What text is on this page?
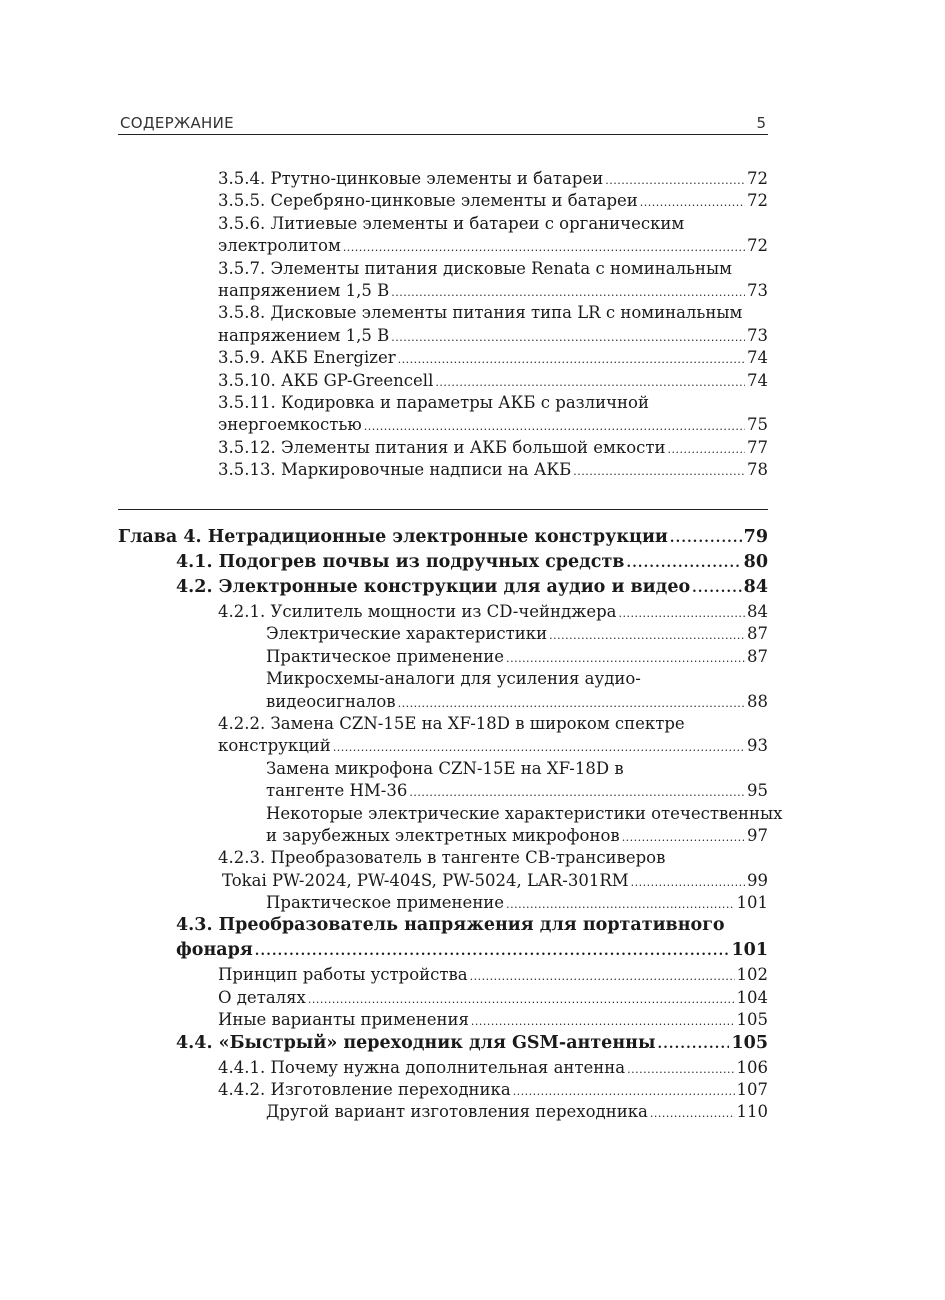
СОДЕРЖАНИЕ	5
3.5.4. Ртутно-цинковые элементы и батареи .....	72
3.5.5. Серебряно-цинковые элементы и батареи .....	72
3.5.6. Литиевые элементы и батареи с органическим
электролитом .....	72
3.5.7. Элементы питания дисковые Renata с номинальным
напряжением 1,5 В .....	73
3.5.8. Дисковые элементы питания типа LR с номинальным
напряжением 1,5 В .....	73
3.5.9. АКБ Energizer .....	74
3.5.10. АКБ GP-Greencell .....	74
3.5.11. Кодировка и параметры АКБ с различной
энергоемкостью .....	75
3.5.12. Элементы питания и АКБ большой емкости .....	77
3.5.13. Маркировочные надписи на АКБ .....	78
Глава 4. Нетрадиционные электронные конструкции .....	79
4.1. Подогрев почвы из подручных средств .....	80
4.2. Электронные конструкции для аудио и видео .....	84
4.2.1. Усилитель мощности из CD-чейнджера .....	84
Электрические характеристики .....	87
Практическое применение .....	87
Микросхемы-аналоги для усиления аудио-
видеосигналов .....	88
4.2.2. Замена CZN-15E на XF-18D в широком спектре
конструкций .....	93
Замена микрофона CZN-15E на XF-18D в
тангенте HM-36 .....	95
Некоторые электрические характеристики отечественных
и зарубежных электретных микрофонов .....	97
4.2.3. Преобразователь в тангенте CB-трансиверов
Tokai PW-2024, PW-404S, PW-5024, LAR-301RM .....	99
Практическое применение .....	101
4.3. Преобразователь напряжения для портативного
фонаря .....	101
Принцип работы устройства .....	102
О деталях .....	104
Иные варианты применения .....	105
4.4. «Быстрый» переходник для GSM-антенны .....	105
4.4.1. Почему нужна дополнительная антенна .....	106
4.4.2. Изготовление переходника .....	107
Другой вариант изготовления переходника .....	110
